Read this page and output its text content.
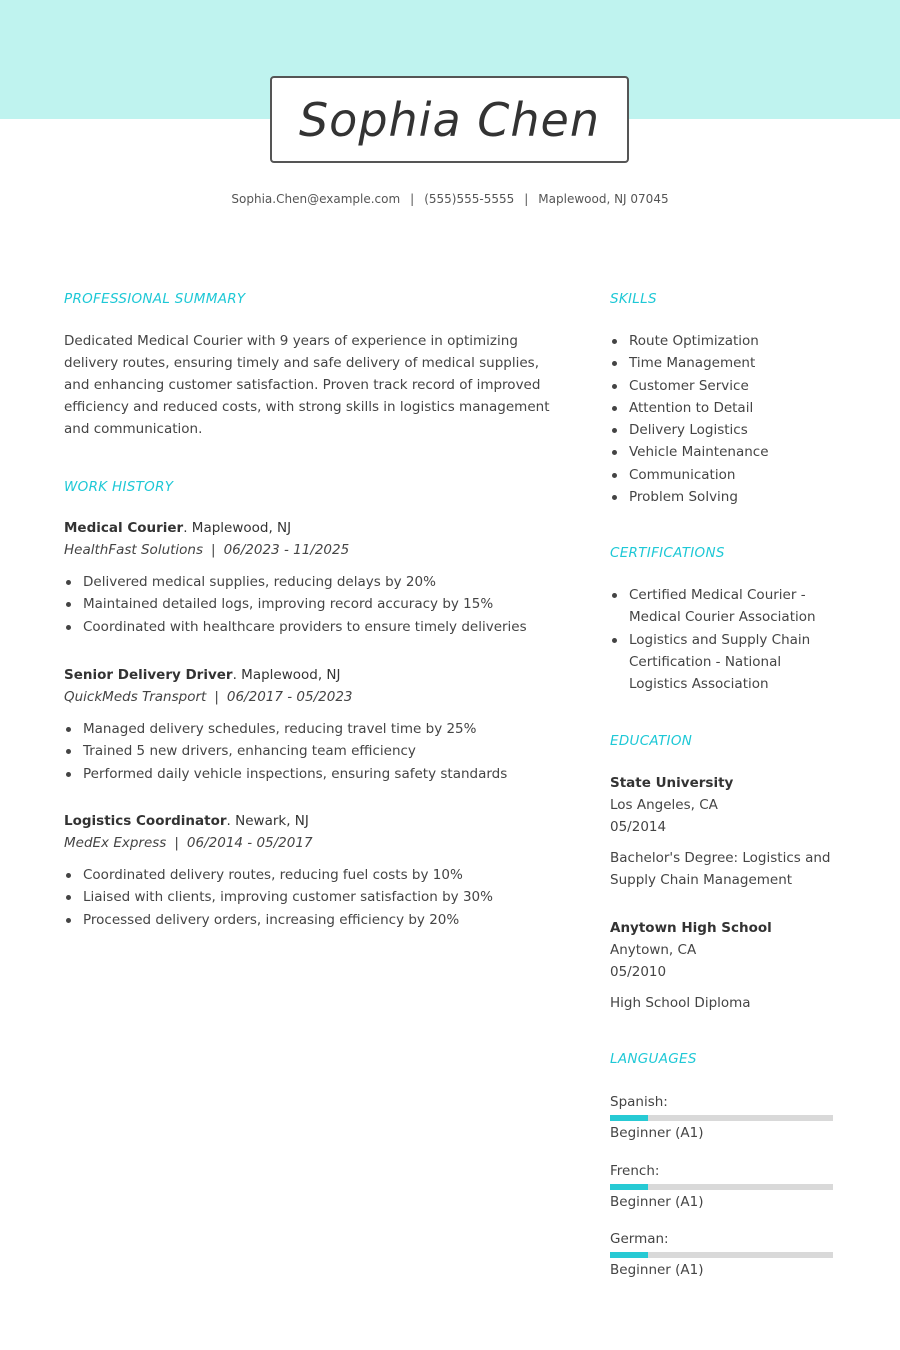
Sophia Chen
Sophia.Chen@example.com | (555)555-5555 | Maplewood, NJ 07045
PROFESSIONAL SUMMARY
Dedicated Medical Courier with 9 years of experience in optimizing
delivery routes, ensuring timely and safe delivery of medical supplies,
and enhancing customer satisfaction. Proven track record of improved
efficiency and reduced costs, with strong skills in logistics management
and communication.
WORK HISTORY
Medical Courier. Maplewood, NJ
HealthFast Solutions | 06/2023 - 11/2025
Delivered medical supplies, reducing delays by 20%
Maintained detailed logs, improving record accuracy by 15%
Coordinated with healthcare providers to ensure timely deliveries
Senior Delivery Driver. Maplewood, NJ
QuickMeds Transport | 06/2017 - 05/2023
Managed delivery schedules, reducing travel time by 25%
Trained 5 new drivers, enhancing team efficiency
Performed daily vehicle inspections, ensuring safety standards
Logistics Coordinator. Newark, NJ
MedEx Express | 06/2014 - 05/2017
Coordinated delivery routes, reducing fuel costs by 10%
Liaised with clients, improving customer satisfaction by 30%
Processed delivery orders, increasing efficiency by 20%
SKILLS
Route Optimization
Time Management
Customer Service
Attention to Detail
Delivery Logistics
Vehicle Maintenance
Communication
Problem Solving
CERTIFICATIONS
Certified Medical Courier - Medical Courier Association
Logistics and Supply Chain Certification - National Logistics Association
EDUCATION
State University
Los Angeles, CA
05/2014
Bachelor's Degree: Logistics and Supply Chain Management
Anytown High School
Anytown, CA
05/2010
High School Diploma
LANGUAGES
Spanish:
Beginner (A1)
French:
Beginner (A1)
German:
Beginner (A1)
